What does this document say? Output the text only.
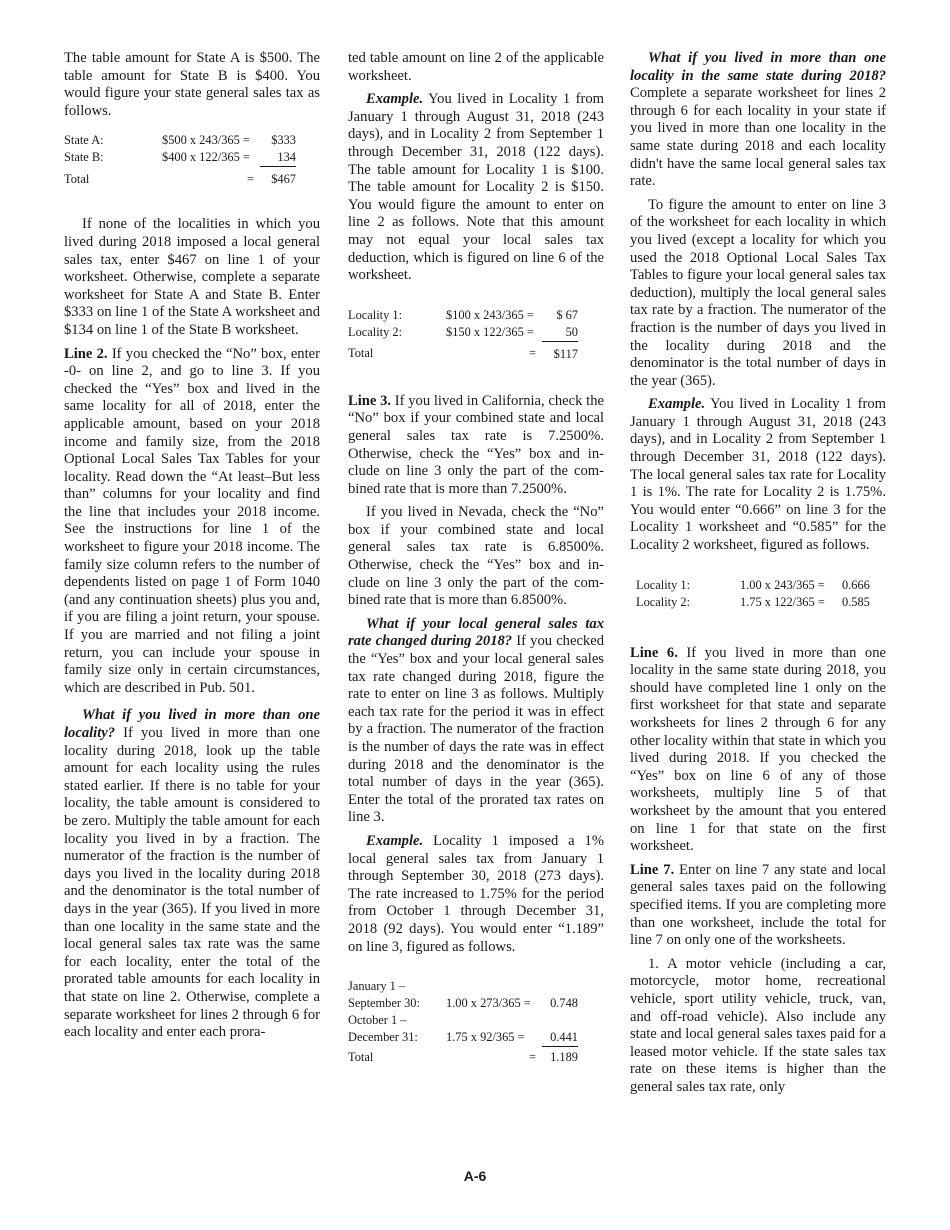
The table amount for State A is $500. The table amount for State B is $400. You would figure your state general sales tax as follows.

State A:	$500 x 243/365 =	$333
State B:	$400 x 122/365 =	134
Total	=	$467

If none of the localities in which you lived during 2018 imposed a local general sales tax, enter $467 on line 1 of your worksheet. Otherwise, complete a separate worksheet for State A and State B. Enter $333 on line 1 of the State A worksheet and $134 on line 1 of the State B worksheet.

Line 2. If you checked the “No” box, enter -0- on line 2, and go to line 3. If you checked the “Yes” box and lived in the same locality for all of 2018, enter the applicable amount, based on your 2018 income and family size, from the 2018 Optional Local Sales Tax Tables for your locality. Read down the “At least–But less than” columns for your locality and find the line that includes your 2018 income. See the instructions for line 1 of the worksheet to figure your 2018 income. The family size column refers to the number of dependents listed on page 1 of Form 1040 (and any continuation sheets) plus you and, if you are filing a joint return, your spouse. If you are married and not filing a joint return, you can include your spouse in family size only in certain circumstances, which are described in Pub. 501.

What if you lived in more than one locality? If you lived in more than one locality during 2018, look up the table amount for each locality using the rules stated earlier. If there is no table for your locality, the table amount is considered to be zero. Multiply the table amount for each locality you lived in by a fraction. The numerator of the fraction is the number of days you lived in the locality during 2018 and the denominator is the total number of days in the year (365). If you lived in more than one locality in the same state and the local general sales tax rate was the same for each locality, enter the total of the prorated table amounts for each locality in that state on line 2. Otherwise, complete a separate worksheet for lines 2 through 6 for each locality and enter each prora-

ted table amount on line 2 of the applicable worksheet.

Example. You lived in Locality 1 from January 1 through August 31, 2018 (243 days), and in Locality 2 from September 1 through December 31, 2018 (122 days). The table amount for Locality 1 is $100. The table amount for Locality 2 is $150. You would figure the amount to enter on line 2 as follows. Note that this amount may not equal your local sales tax deduction, which is figured on line 6 of the worksheet.

Locality 1:	$100 x 243/365 =	$ 67
Locality 2:	$150 x 122/365 =	50
Total	=	$117

Line 3. If you lived in California, check the “No” box if your combined state and local general sales tax rate is 7.2500%. Otherwise, check the “Yes” box and include on line 3 only the part of the combined rate that is more than 7.2500%.

If you lived in Nevada, check the “No” box if your combined state and local general sales tax rate is 6.8500%. Otherwise, check the “Yes” box and include on line 3 only the part of the combined rate that is more than 6.8500%.

What if your local general sales tax rate changed during 2018? If you checked the “Yes” box and your local general sales tax rate changed during 2018, figure the rate to enter on line 3 as follows. Multiply each tax rate for the period it was in effect by a fraction. The numerator of the fraction is the number of days the rate was in effect during 2018 and the denominator is the total number of days in the year (365). Enter the total of the prorated tax rates on line 3.

Example. Locality 1 imposed a 1% local general sales tax from January 1 through September 30, 2018 (273 days). The rate increased to 1.75% for the period from October 1 through December 31, 2018 (92 days). You would enter “1.189” on line 3, figured as follows.

January 1 –		
September 30:	1.00 x 273/365 =	0.748
October 1 –		
December 31:	1.75 x 92/365 =	0.441
Total	=	1.189

What if you lived in more than one locality in the same state during 2018? Complete a separate worksheet for lines 2 through 6 for each locality in your state if you lived in more than one locality in the same state during 2018 and each locality didn't have the same local general sales tax rate.

To figure the amount to enter on line 3 of the worksheet for each locality in which you lived (except a locality for which you used the 2018 Optional Local Sales Tax Tables to figure your local general sales tax deduction), multiply the local general sales tax rate by a fraction. The numerator of the fraction is the number of days you lived in the locality during 2018 and the denominator is the total number of days in the year (365).

Example. You lived in Locality 1 from January 1 through August 31, 2018 (243 days), and in Locality 2 from September 1 through December 31, 2018 (122 days). The local general sales tax rate for Locality 1 is 1%. The rate for Locality 2 is 1.75%. You would enter “0.666” on line 3 for the Locality 1 worksheet and “0.585” for the Locality 2 worksheet, figured as follows.

Locality 1:	1.00 x 243/365 =	0.666
Locality 2:	1.75 x 122/365 =	0.585

Line 6. If you lived in more than one locality in the same state during 2018, you should have completed line 1 only on the first worksheet for that state and separate worksheets for lines 2 through 6 for any other locality within that state in which you lived during 2018. If you checked the “Yes” box on line 6 of any of those worksheets, multiply line 5 of that worksheet by the amount that you entered on line 1 for that state on the first worksheet.

Line 7. Enter on line 7 any state and local general sales taxes paid on the following specified items. If you are completing more than one worksheet, include the total for line 7 on only one of the worksheets.

1. A motor vehicle (including a car, motorcycle, motor home, recreational vehicle, sport utility vehicle, truck, van, and off-road vehicle). Also include any state and local general sales taxes paid for a leased motor vehicle. If the state sales tax rate on these items is higher than the general sales tax rate, only

A-6
